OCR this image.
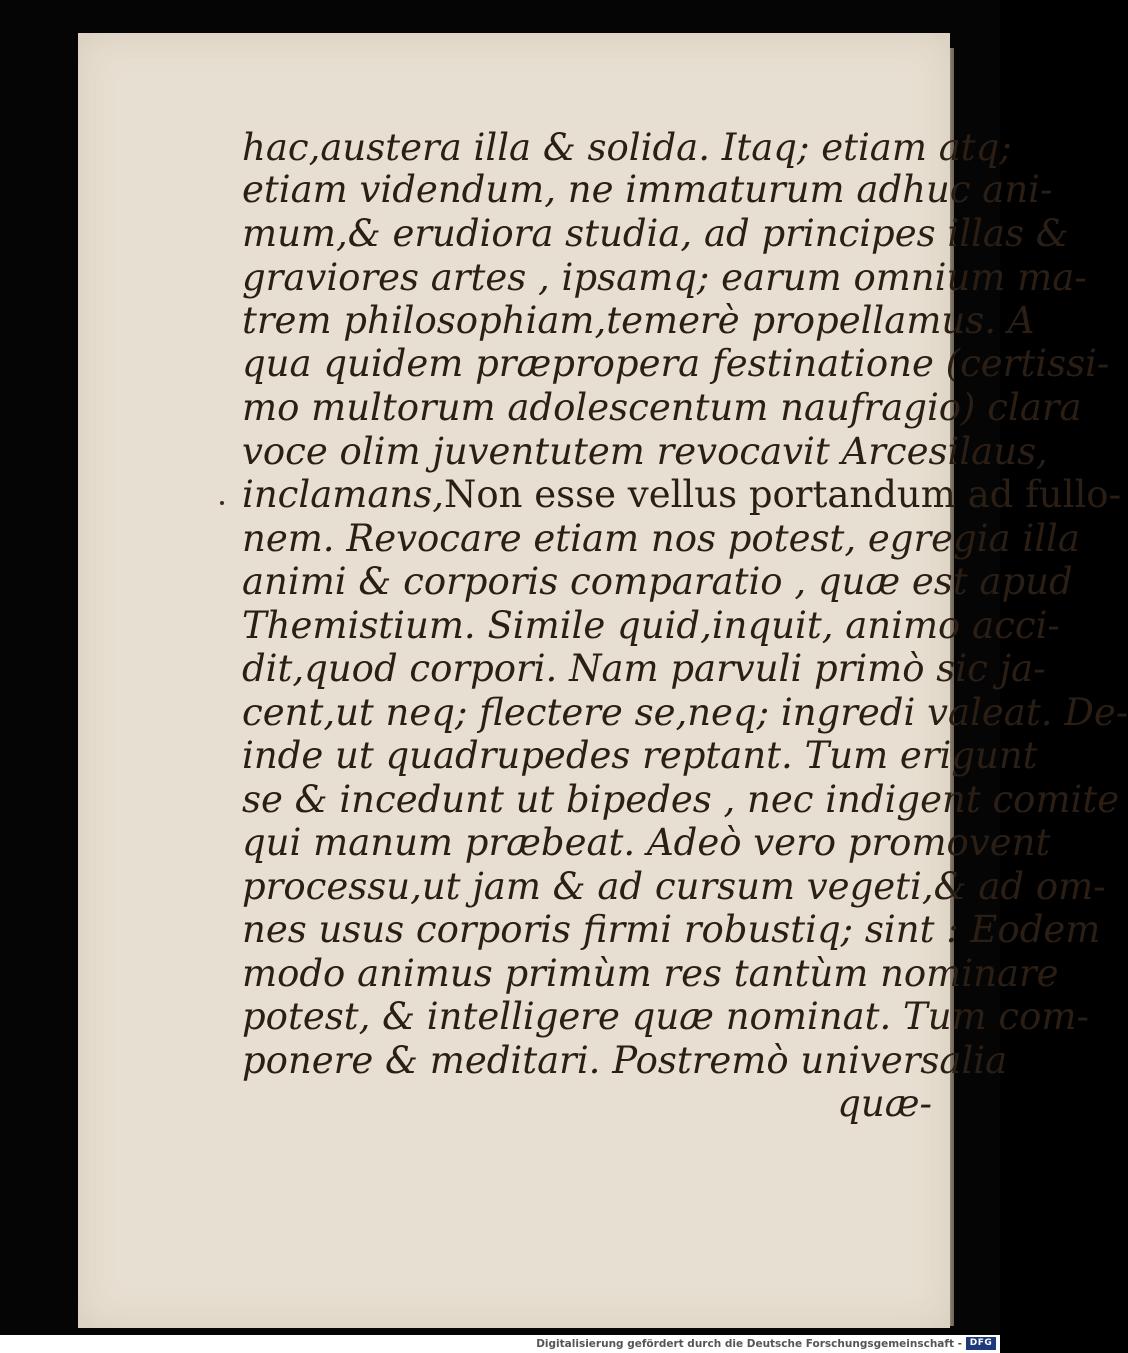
hac,austera illa & solida. Itaq; etiam atq;
etiam videndum, ne immaturum adhuc ani-
mum,& erudiora studia, ad principes illas &
graviores artes , ipsamq; earum omnium ma-
trem philosophiam,temerè propellamus. A
qua quidem præpropera festinatione (certissi-
mo multorum adolescentum naufragio) clara
voce olim juventutem revocavit Arcesilaus,
inclamans,Non esse vellus portandum ad fullo-
nem. Revocare etiam nos potest, egregia illa
animi & corporis comparatio , quæ est apud
Themistium. Simile quid,inquit, animo acci-
dit,quod corpori. Nam parvuli primò sic ja-
cent,ut neq; flectere se,neq; ingredi valeat. De-
inde ut quadrupedes reptant. Tum erigunt
se & incedunt ut bipedes , nec indigent comite
qui manum præbeat. Adeò vero promovent
processu,ut jam & ad cursum vegeti,& ad om-
nes usus corporis firmi robustiq; sint : Eodem
modo animus primùm res tantùm nominare
potest, & intelligere quæ nominat. Tum com-
ponere & meditari. Postremò universalia
quæ-
Digitalisierung gefördert durch die Deutsche Forschungsgemeinschaft - DFG
